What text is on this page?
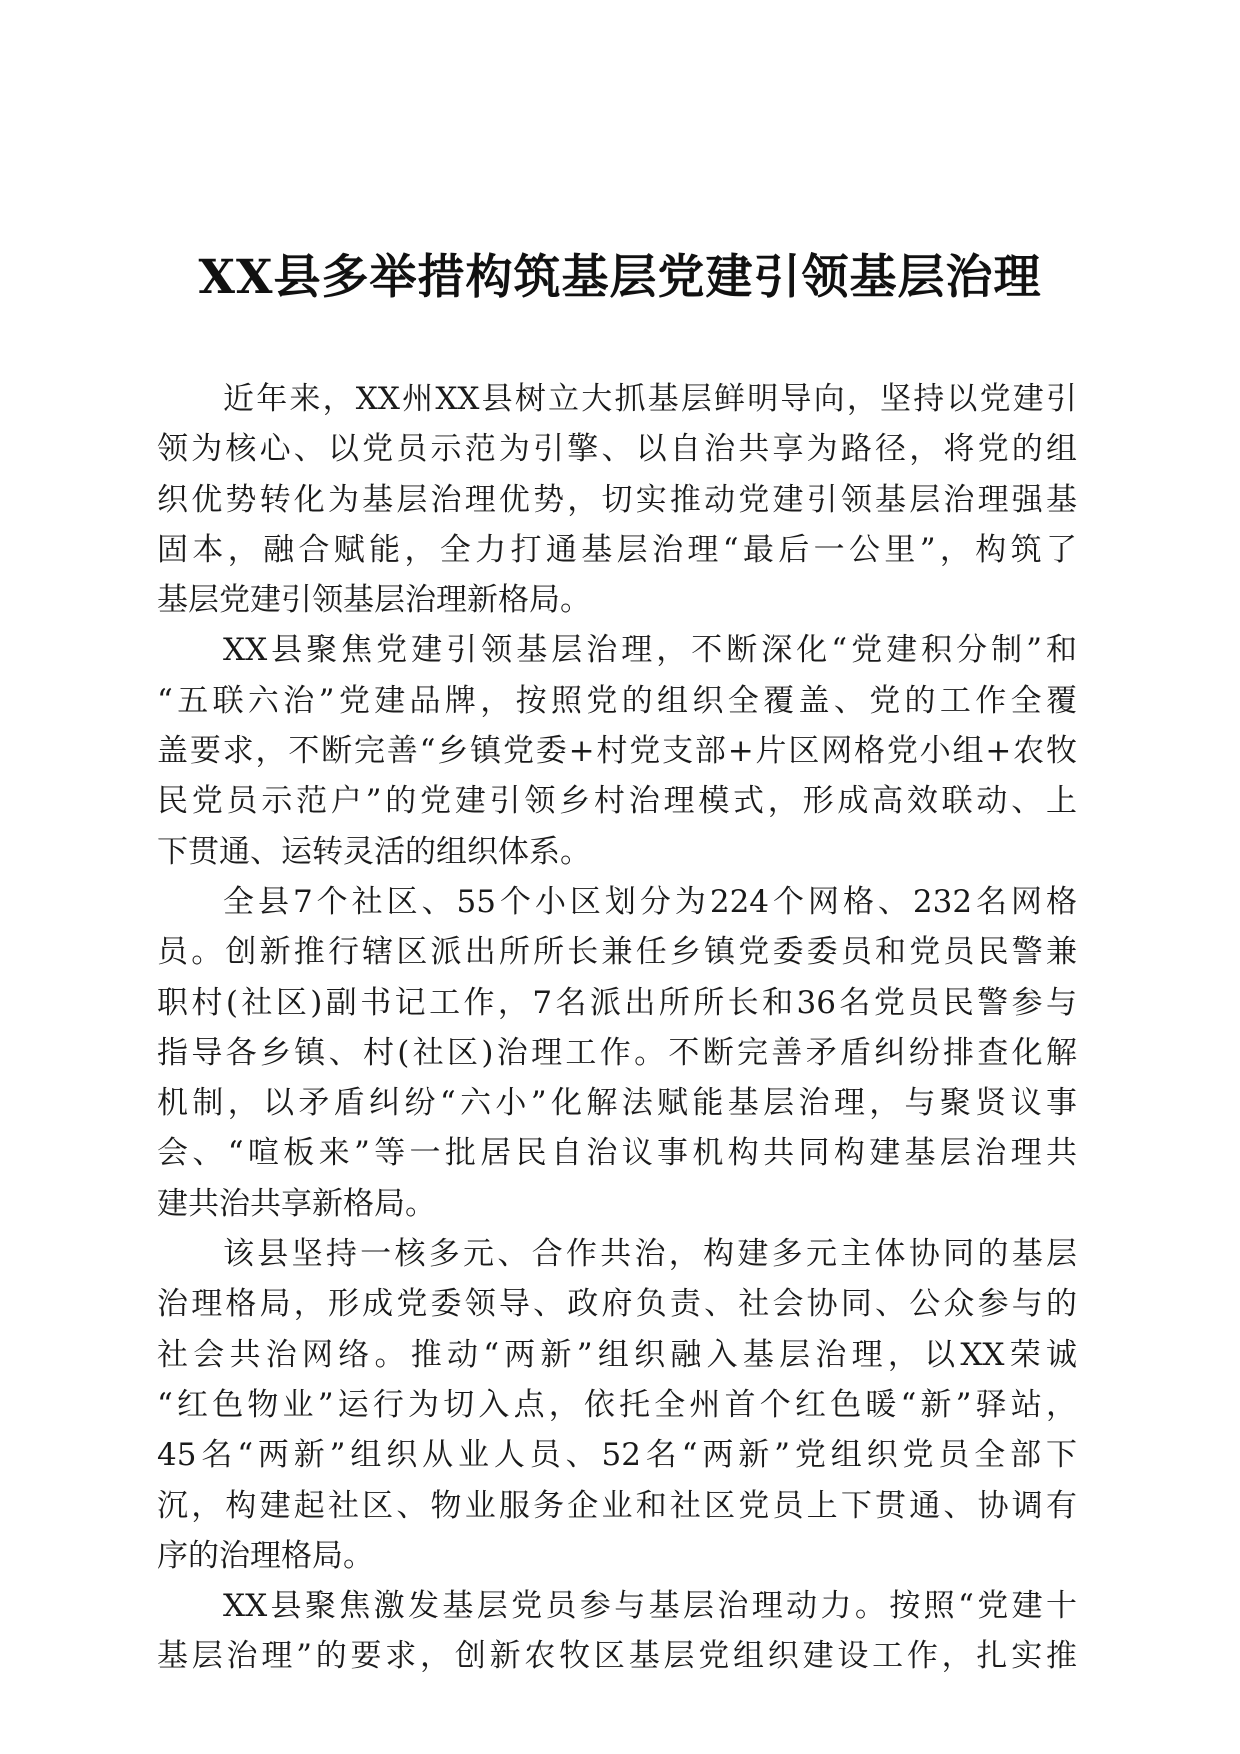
XX县多举措构筑基层党建引领基层治理
近年来，XX州XX县树立大抓基层鲜明导向，坚持以党建引
领为核心、以党员示范为引擎、以自治共享为路径，将党的组
织优势转化为基层治理优势，切实推动党建引领基层治理强基
固本，融合赋能，全力打通基层治理“最后一公里”，构筑了
基层党建引领基层治理新格局。
XX县聚焦党建引领基层治理，不断深化“党建积分制”和
“五联六治”党建品牌，按照党的组织全覆盖、党的工作全覆
盖要求，不断完善“乡镇党委+村党支部+片区网格党小组+农牧
民党员示范户”的党建引领乡村治理模式，形成高效联动、上
下贯通、运转灵活的组织体系。
全县7个社区、55个小区划分为224个网格、232名网格
员。创新推行辖区派出所所长兼任乡镇党委委员和党员民警兼
职村(社区)副书记工作，7名派出所所长和36名党员民警参与
指导各乡镇、村(社区)治理工作。不断完善矛盾纠纷排查化解
机制，以矛盾纠纷“六小”化解法赋能基层治理，与聚贤议事
会、“喧板来”等一批居民自治议事机构共同构建基层治理共
建共治共享新格局。
该县坚持一核多元、合作共治，构建多元主体协同的基层
治理格局，形成党委领导、政府负责、社会协同、公众参与的
社会共治网络。推动“两新”组织融入基层治理，以XX荣诚
“红色物业”运行为切入点，依托全州首个红色暖“新”驿站，
45名“两新”组织从业人员、52名“两新”党组织党员全部下
沉，构建起社区、物业服务企业和社区党员上下贯通、协调有
序的治理格局。
XX县聚焦激发基层党员参与基层治理动力。按照“党建十
基层治理”的要求，创新农牧区基层党组织建设工作，扎实推
